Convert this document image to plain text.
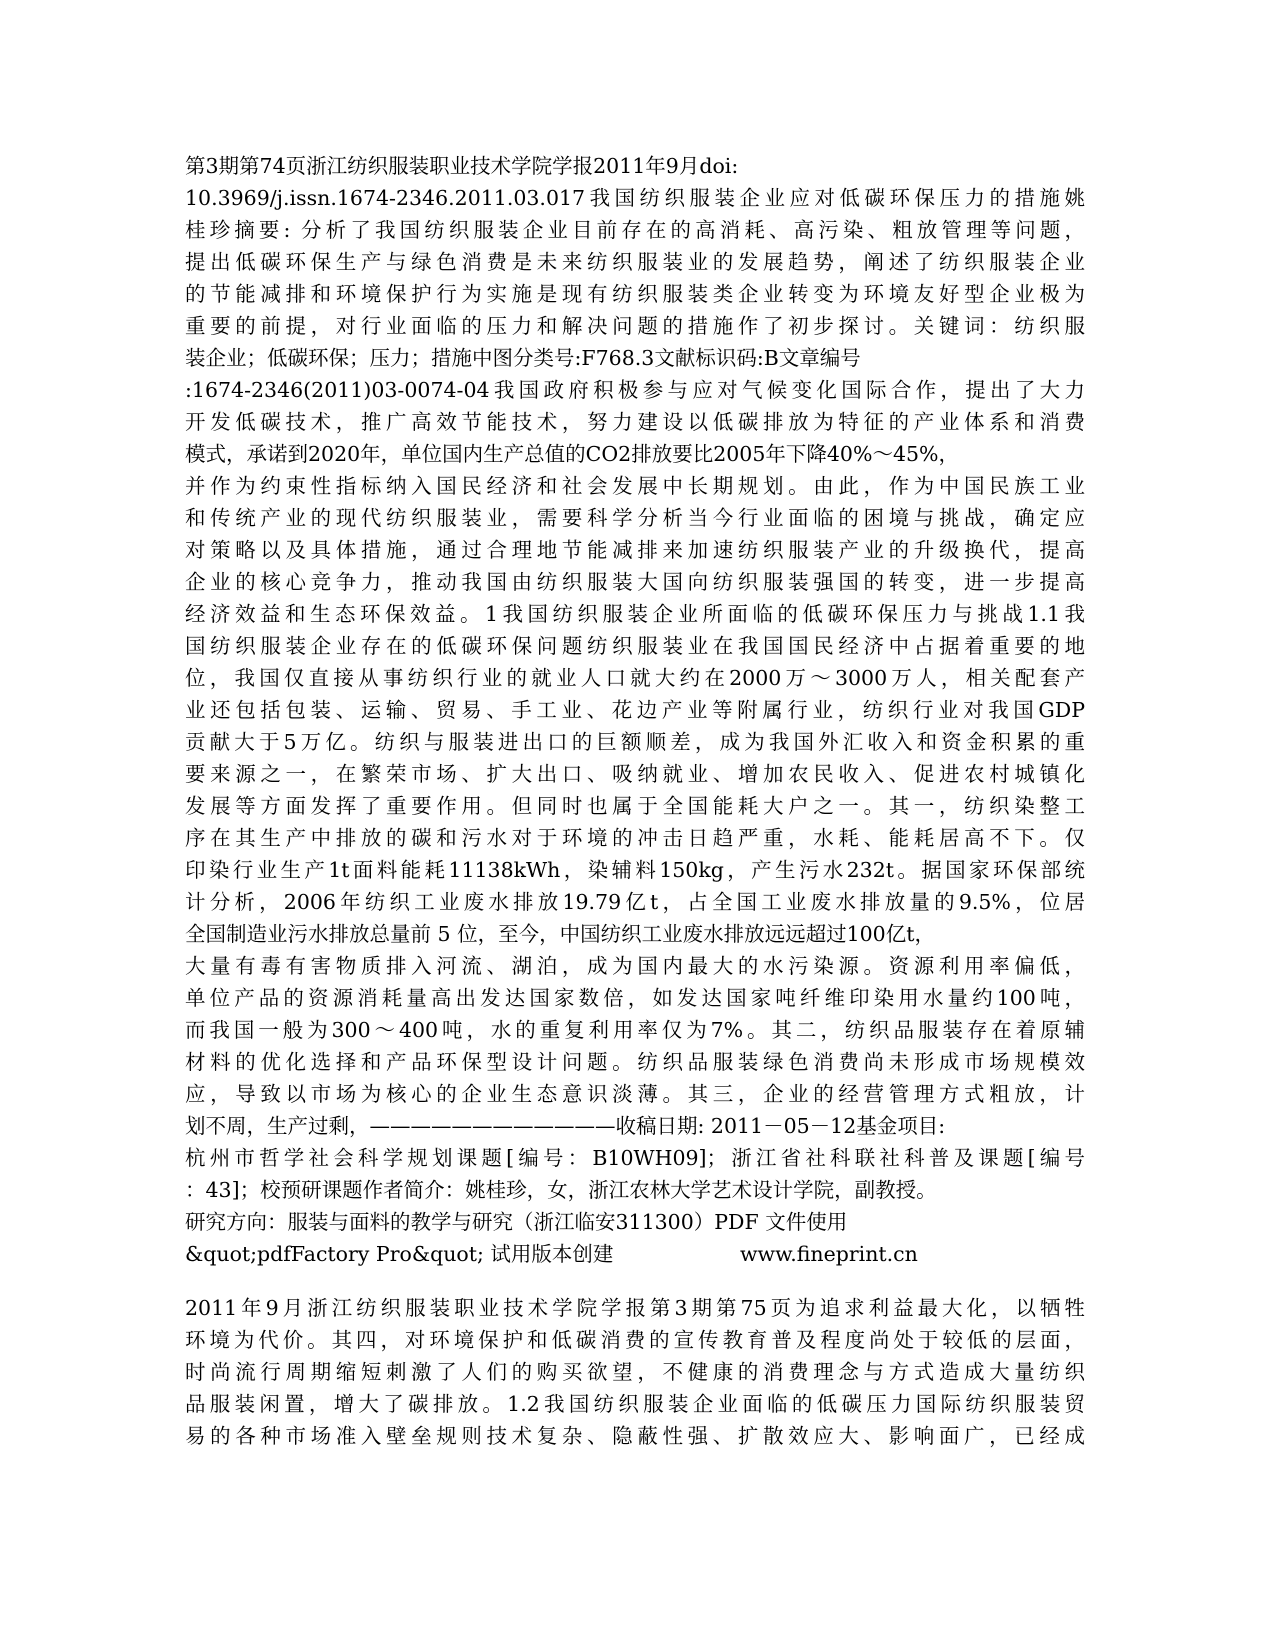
第3期第74页浙江纺织服装职业技术学院学报2011年9月doi:
10.3969/j.issn.1674-2346.2011.03.017我国纺织服装企业应对低碳环保压力的措施姚
桂珍摘要: 分析了我国纺织服装企业目前存在的高消耗、高污染、粗放管理等问题，
提出低碳环保生产与绿色消费是未来纺织服装业的发展趋势，阐述了纺织服装企业
的节能减排和环境保护行为实施是现有纺织服装类企业转变为环境友好型企业极为
重要的前提，对行业面临的压力和解决问题的措施作了初步探讨。关键词：纺织服
装企业；低碳环保；压力；措施中图分类号:F768.3文献标识码:B文章编号
:1674-2346(2011)03-0074-04我国政府积极参与应对气候变化国际合作，提出了大力
开发低碳技术，推广高效节能技术，努力建设以低碳排放为特征的产业体系和消费
模式，承诺到2020年，单位国内生产总值的CO2排放要比2005年下降40%～45%，
并作为约束性指标纳入国民经济和社会发展中长期规划。由此，作为中国民族工业
和传统产业的现代纺织服装业，需要科学分析当今行业面临的困境与挑战，确定应
对策略以及具体措施，通过合理地节能减排来加速纺织服装产业的升级换代，提高
企业的核心竞争力，推动我国由纺织服装大国向纺织服装强国的转变，进一步提高
经济效益和生态环保效益。1我国纺织服装企业所面临的低碳环保压力与挑战1.1我
国纺织服装企业存在的低碳环保问题纺织服装业在我国国民经济中占据着重要的地
位，我国仅直接从事纺织行业的就业人口就大约在2000万～3000万人，相关配套产
业还包括包装、运输、贸易、手工业、花边产业等附属行业，纺织行业对我国GDP
贡献大于5万亿。纺织与服装进出口的巨额顺差，成为我国外汇收入和资金积累的重
要来源之一，在繁荣市场、扩大出口、吸纳就业、增加农民收入、促进农村城镇化
发展等方面发挥了重要作用。但同时也属于全国能耗大户之一。其一，纺织染整工
序在其生产中排放的碳和污水对于环境的冲击日趋严重，水耗、能耗居高不下。仅
印染行业生产1t面料能耗11138kWh，染辅料150kg，产生污水232t。据国家环保部统
计分析，2006年纺织工业废水排放19.79亿t，占全国工业废水排放量的9.5%，位居
全国制造业污水排放总量前 5 位，至今，中国纺织工业废水排放远远超过100亿t，
大量有毒有害物质排入河流、湖泊，成为国内最大的水污染源。资源利用率偏低，
单位产品的资源消耗量高出发达国家数倍，如发达国家吨纤维印染用水量约100吨，
而我国一般为300～400吨，水的重复利用率仅为7%。其二，纺织品服装存在着原辅
材料的优化选择和产品环保型设计问题。纺织品服装绿色消费尚未形成市场规模效
应，导致以市场为核心的企业生态意识淡薄。其三，企业的经营管理方式粗放，计
划不周，生产过剩，————————————收稿日期: 2011－05－12基金项目:
杭州市哲学社会科学规划课题[编号：B10WH09]；浙江省社科联社科普及课题[编号
：43]；校预研课题作者简介：姚桂珍，女，浙江农林大学艺术设计学院，副教授。
研究方向：服装与面料的教学与研究（浙江临安311300）PDF 文件使用
&quot;pdfFactory Pro&quot; 试用版本创建	www.fineprint.cn
2011年9月浙江纺织服装职业技术学院学报第3期第75页为追求利益最大化，以牺牲
环境为代价。其四，对环境保护和低碳消费的宣传教育普及程度尚处于较低的层面，
时尚流行周期缩短刺激了人们的购买欲望，不健康的消费理念与方式造成大量纺织
品服装闲置，增大了碳排放。1.2我国纺织服装企业面临的低碳压力国际纺织服装贸
易的各种市场准入壁垒规则技术复杂、隐蔽性强、扩散效应大、影响面广，已经成
